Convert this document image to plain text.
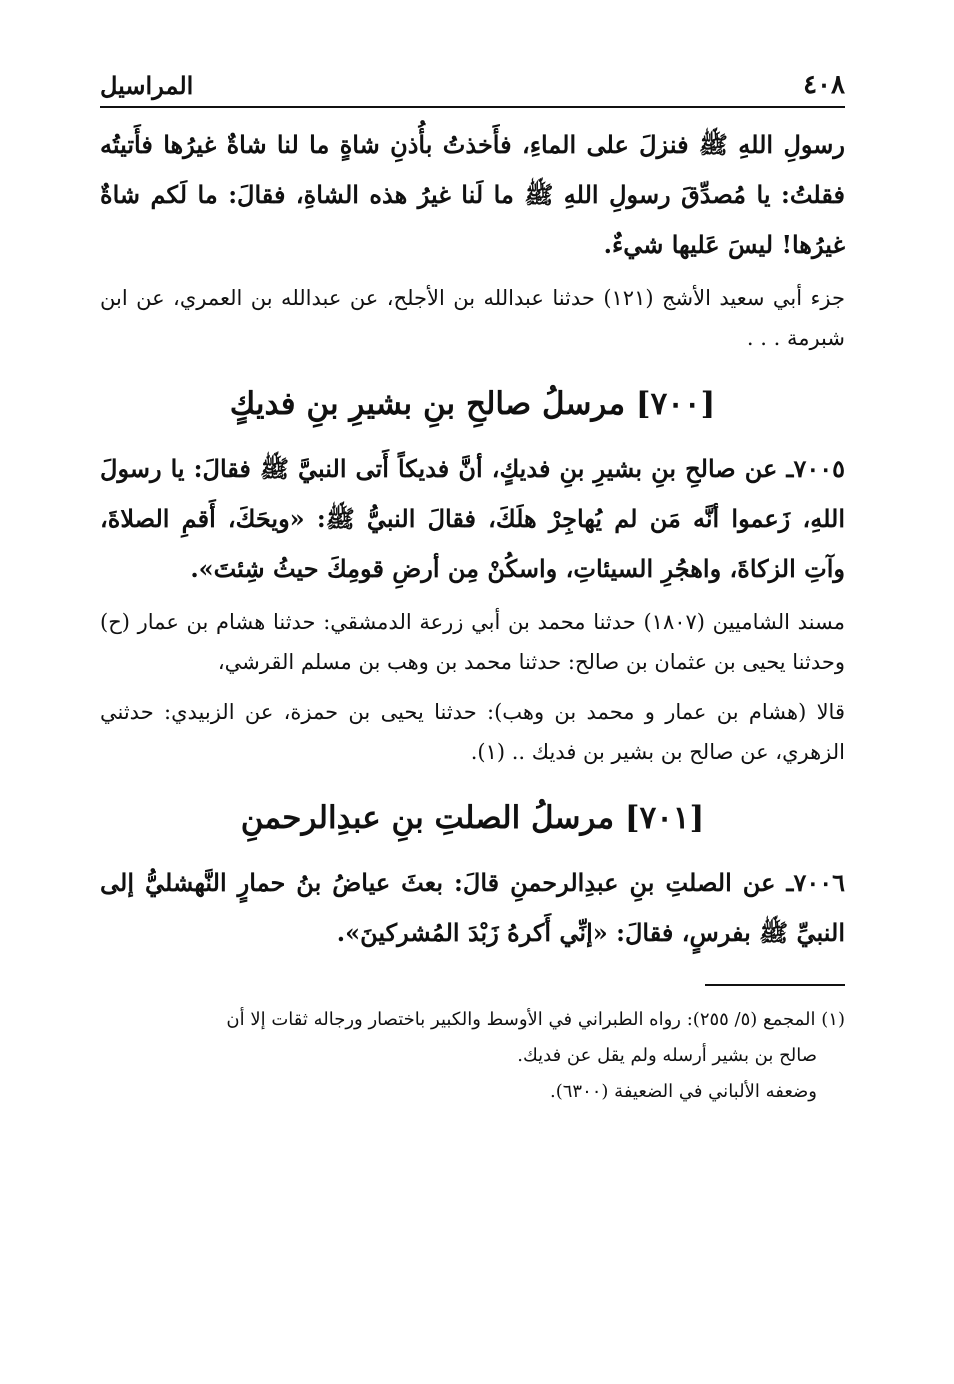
٤٠٨
المراسيل

رسولِ اللهِ ﷺ فنزلَ على الماءِ، فأَخذتُ بأُذنِ شاةٍ ما لنا شاةٌ غيرُها فأَتيتُه فقلتُ: يا مُصدِّقَ رسولِ اللهِ ﷺ ما لَنا غيرُ هذه الشاةِ، فقالَ: ما لَكم شاةٌ غيرُها! ليسَ عَليها شيءٌ.

جزء أبي سعيد الأشج (١٢١) حدثنا عبدالله بن الأجلح، عن عبدالله بن العمري، عن ابن شبرمة . . .

[٧٠٠] مرسلُ صالحِ بنِ بشيرِ بنِ فديكٍ

٧٠٠٥ـ عن صالحِ بنِ بشيرِ بنِ فديكٍ، أنَّ فديكاً أَتى النبيَّ ﷺ فقالَ: يا رسولَ اللهِ، زَعموا أنَّه مَن لم يُهاجِرْ هلَكَ، فقالَ النبيُّ ﷺ: «ويحَكَ، أَقمِ الصلاةَ، وآتِ الزكاةَ، واهجُرِ السيئاتِ، واسكُنْ مِن أرضِ قومِكَ حيثُ شِئتَ».

مسند الشاميين (١٨٠٧) حدثنا محمد بن أبي زرعة الدمشقي: حدثنا هشام بن عمار (ح) وحدثنا يحيى بن عثمان بن صالح: حدثنا محمد بن وهب بن مسلم القرشي،

قالا (هشام بن عمار و محمد بن وهب): حدثنا يحيى بن حمزة، عن الزبيدي: حدثني الزهري، عن صالح بن بشير بن فديك .. (١).

[٧٠١] مرسلُ الصلتِ بنِ عبدِالرحمنِ

٧٠٠٦ـ عن الصلتِ بنِ عبدِالرحمنِ قالَ: بعثَ عياضُ بنُ حمارٍ النَّهشليُّ إلى النبيِّ ﷺ بفرسٍ، فقالَ: «إنِّي أَكرهُ زَبْدَ المُشركينَ».

(١) المجمع (٥/ ٢٥٥): رواه الطبراني في الأوسط والكبير باختصار ورجاله ثقات إلا أن

صالح بن بشير أرسله ولم يقل عن فديك.

وضعفه الألباني في الضعيفة (٦٣٠٠).
